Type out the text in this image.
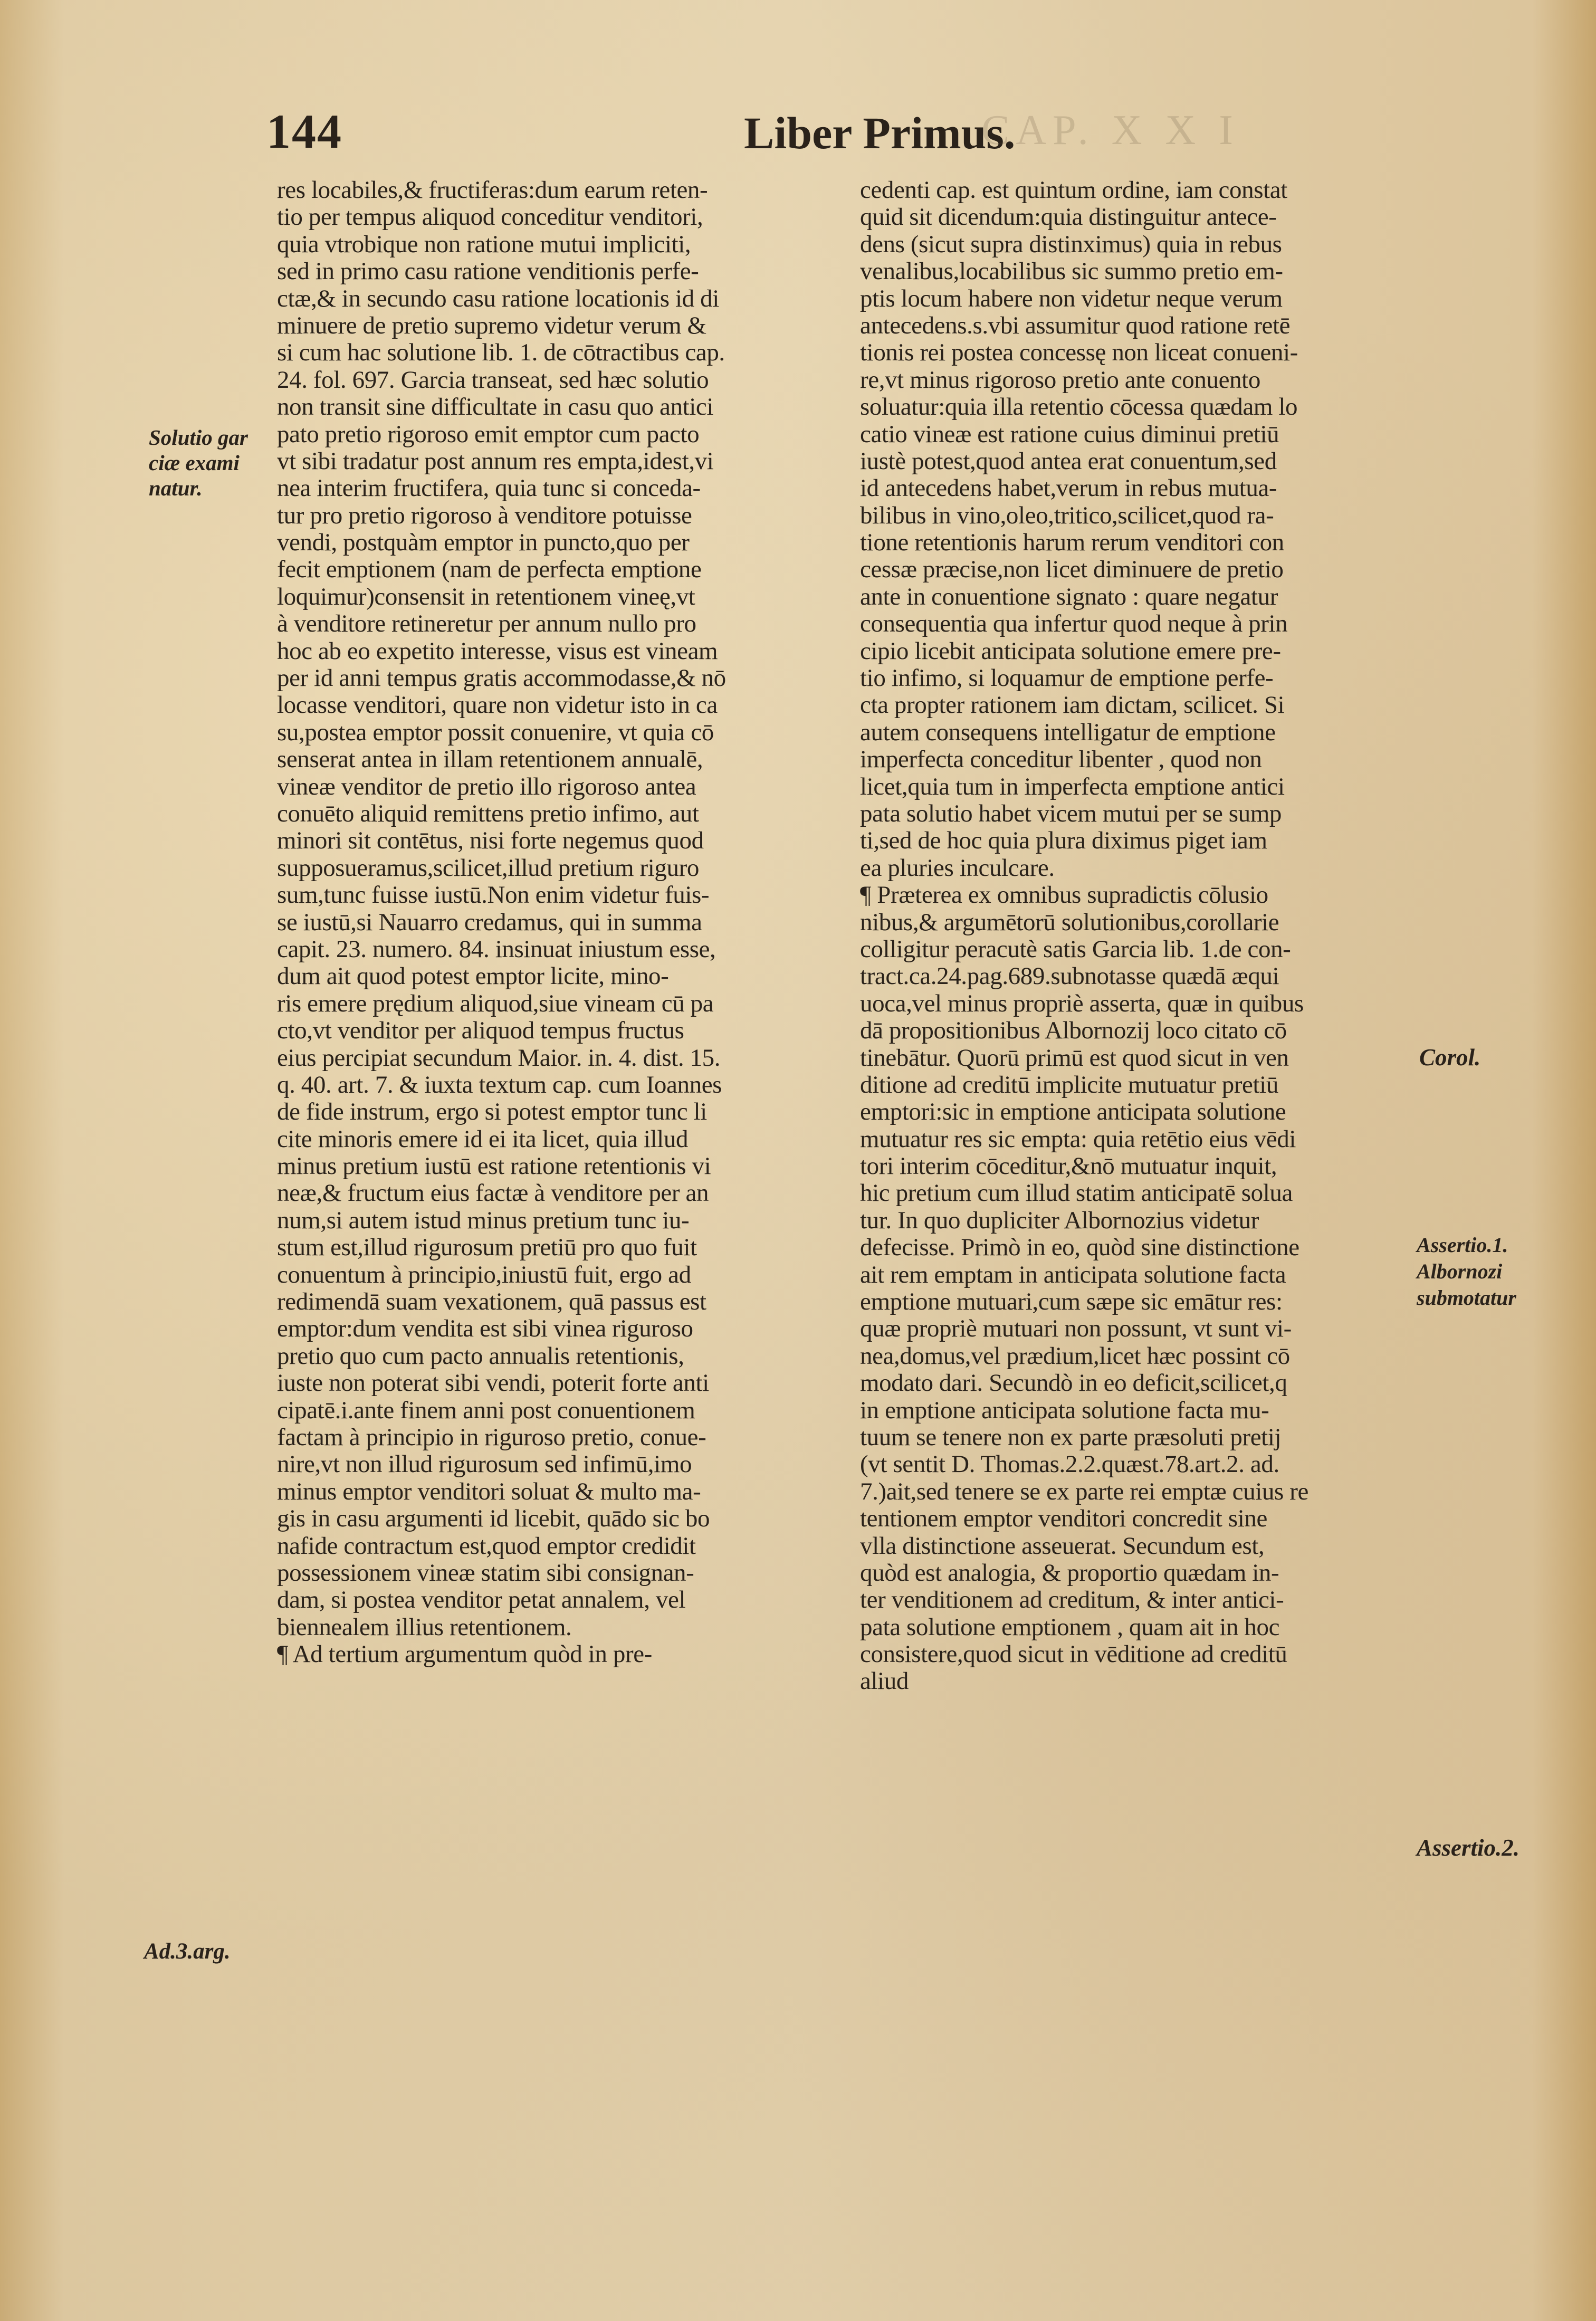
144	Liber Primus.
CAP. X X I
Solutio gar
ciæ exami
natur.
Ad.3.arg.
Corol.
Assertio.1.
Albornozi
submotatur
Assertio.2.
res locabiles,& fructiferas:dum earum reten-
tio per tempus aliquod conceditur venditori,
quia vtrobique non ratione mutui impliciti,
sed in primo casu ratione venditionis perfe-
ctæ,& in secundo casu ratione locationis id di
minuere de pretio supremo videtur verum &
si cum hac solutione lib. 1. de cōtractibus cap.
24. fol. 697. Garcia transeat, sed hæc solutio
non transit sine difficultate in casu quo antici
pato pretio rigoroso emit emptor cum pacto
vt sibi tradatur post annum res empta,idest,vi
nea interim fructifera, quia tunc si conceda-
tur pro pretio rigoroso à venditore potuisse
vendi, postquàm emptor in puncto,quo per
fecit emptionem (nam de perfecta emptione
loquimur)consensit in retentionem vineę,vt
à venditore retineretur per annum nullo pro
hoc ab eo expetito interesse, visus est vineam
per id anni tempus gratis accommodasse,& nō
locasse venditori, quare non videtur isto in ca
su,postea emptor possit conuenire, vt quia cō
senserat antea in illam retentionem annualē,
vineæ venditor de pretio illo rigoroso antea
conuēto aliquid remittens pretio infimo, aut
minori sit contētus, nisi forte negemus quod
supposueramus,scilicet,illud pretium riguro
sum,tunc fuisse iustū.Non enim videtur fuis-
se iustū,si Nauarro credamus, qui in summa
capit. 23. numero. 84. insinuat iniustum esse,
dum ait quod potest emptor licite, mino-
ris emere prędium aliquod,siue vineam cū pa
cto,vt venditor per aliquod tempus fructus
eius percipiat secundum Maior. in. 4. dist. 15.
q. 40. art. 7. & iuxta textum cap. cum Ioannes
de fide instrum, ergo si potest emptor tunc li
cite minoris emere id ei ita licet, quia illud
minus pretium iustū est ratione retentionis vi
neæ,& fructum eius factæ à venditore per an
num,si autem istud minus pretium tunc iu-
stum est,illud rigurosum pretiū pro quo fuit
conuentum à principio,iniustū fuit, ergo ad
redimendā suam vexationem, quā passus est
emptor:dum vendita est sibi vinea rigurosо
pretio quo cum pacto annualis retentionis,
iuste non poterat sibi vendi, poterit forte anti
cipatē.i.ante finem anni post conuentionem
factam à principio in rigurosо pretio, conue-
nire,vt non illud rigurosum sed infimū,imo
minus emptor venditori soluat & multo ma-
gis in casu argumenti id licebit, quādo sic bo
nafide contractum est,quod emptor credidit
possessionem vineæ statim sibi consignan-
dam, si postea venditor petat annalem, vel
biennealem illius retentionem.
¶ Ad tertium argumentum quòd in pre-
cedenti cap. est quintum ordine, iam constat
quid sit dicendum:quia distinguitur antece-
dens (sicut supra distinximus) quia in rebus
venalibus,locabilibus sic summo pretio em-
ptis locum habere non videtur neque verum
antecedens.s.vbi assumitur quod ratione retē
tionis rei postea concessę non liceat conueni-
re,vt minus rigoroso pretio ante conuento
soluatur:quia illa retentio cōcessa quædam lo
catio vineæ est ratione cuius diminui pretiū
iustè potest,quod antea erat conuentum,sed
id antecedens habet,verum in rebus mutua-
bilibus in vino,oleo,tritico,scilicet,quod ra-
tione retentionis harum rerum venditori con
cessæ præcise,non licet diminuere de pretio
ante in conuentione signato : quare negatur
consequentia qua infertur quod neque à prin
cipio licebit anticipata solutione emere pre-
tio infimo, si loquamur de emptione perfe-
cta propter rationem iam dictam, scilicet. Si
autem consequens intelligatur de emptione
imperfecta conceditur libenter , quod non
licet,quia tum in imperfecta emptione antici
pata solutio habet vicem mutui per se sump
ti,sed de hoc quia plura diximus piget iam
ea pluries inculcare.
¶ Præterea ex omnibus supradictis cōlusio
nibus,& argumētorū solutionibus,corollarie
colligitur peracutè satis Garcia lib. 1.de con-
tract.ca.24.pag.689.subnotasse quædā æqui
uoca,vel minus propriè asserta, quæ in quibus
dā propositionibus Albornozij loco citato cō
tinebātur. Quorū primū est quod sicut in ven
ditione ad creditū implicite mutuatur pretiū
emptori:sic in emptione anticipata solutione
mutuatur res sic empta: quia retētio eius vēdi
tori interim cōceditur,&nō mutuatur inquit,
hic pretium cum illud statim anticipatē solua
tur. In quo dupliciter Albornozius videtur
defecisse. Primò in eo, quòd sine distinctione
ait rem emptam in anticipata solutione facta
emptione mutuari,cum sæpe sic emātur res:
quæ propriè mutuari non possunt, vt sunt vi-
nea,domus,vel prædium,licet hæc possint cō
modato dari. Secundò in eo deficit,scilicet,q
in emptione anticipata solutione facta mu-
tuum se tenere non ex parte præsoluti pretij
(vt sentit D. Thomas.2.2.quæst.78.art.2. ad.
7.)ait,sed tenere se ex parte rei emptæ cuius re
tentionem emptor venditori concredit sine
vlla distinctione asseuerat. Secundum est,
quòd est analogia, & proportio quædam in-
ter venditionem ad creditum, & inter antici-
pata solutione emptionem , quam ait in hoc
consistere,quod sicut in vēditione ad creditū
aliud
